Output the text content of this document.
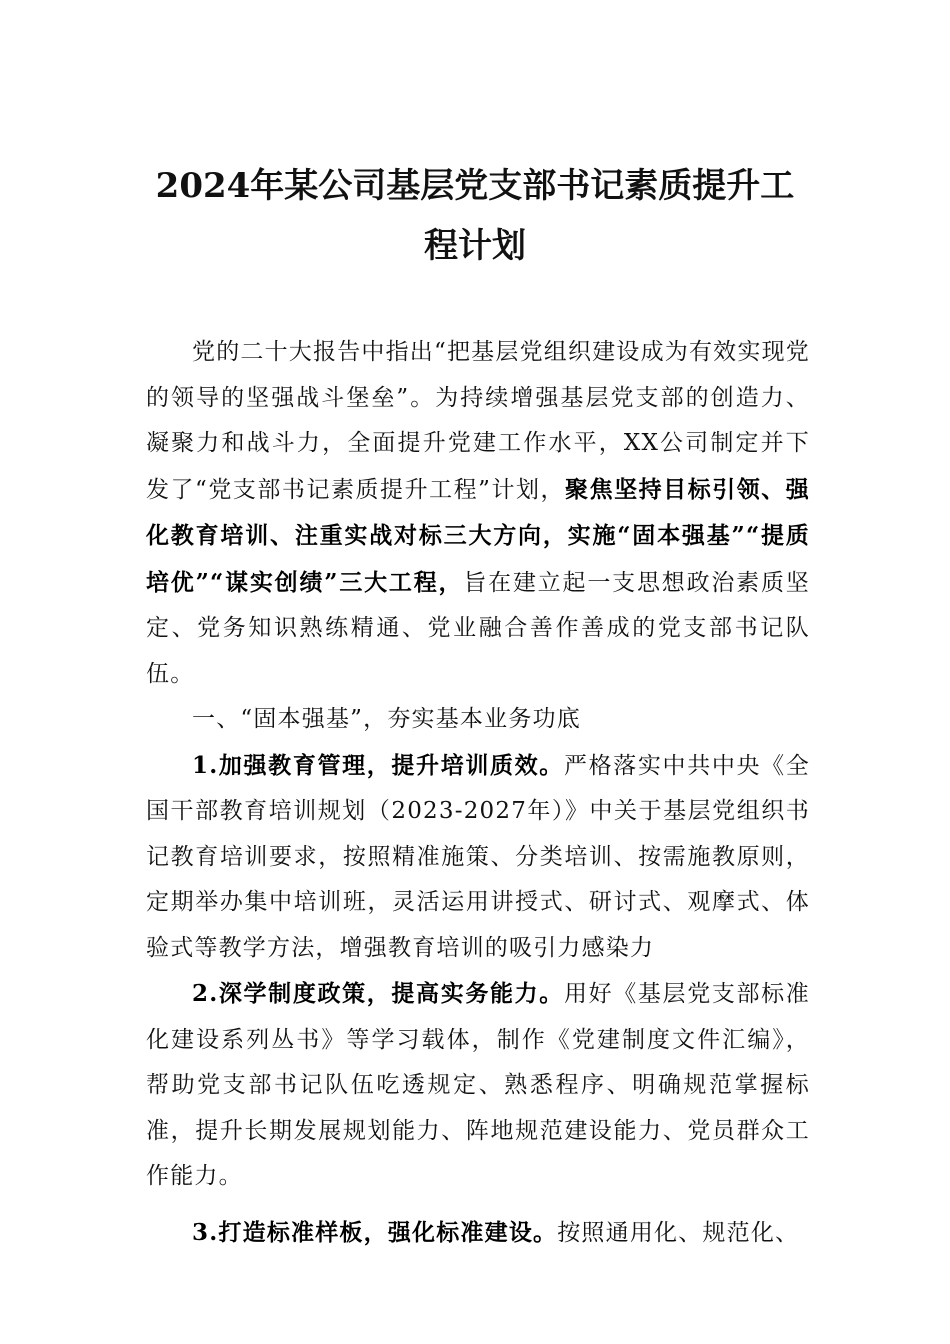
2024年某公司基层党支部书记素质提升工程计划

党的二十大报告中指出“把基层党组织建设成为有效实现党的领导的坚强战斗堡垒”。为持续增强基层党支部的创造力、凝聚力和战斗力，全面提升党建工作水平，XX公司制定并下发了“党支部书记素质提升工程”计划，聚焦坚持目标引领、强化教育培训、注重实战对标三大方向，实施“固本强基”“提质培优”“谋实创绩”三大工程，旨在建立起一支思想政治素质坚定、党务知识熟练精通、党业融合善作善成的党支部书记队伍。

一、“固本强基”，夯实基本业务功底

1.加强教育管理，提升培训质效。严格落实中共中央《全国干部教育培训规划（2023-2027年）》中关于基层党组织书记教育培训要求，按照精准施策、分类培训、按需施教原则，定期举办集中培训班，灵活运用讲授式、研讨式、观摩式、体验式等教学方法，增强教育培训的吸引力感染力

2.深学制度政策，提高实务能力。用好《基层党支部标准化建设系列丛书》等学习载体，制作《党建制度文件汇编》，帮助党支部书记队伍吃透规定、熟悉程序、明确规范掌握标准，提升长期发展规划能力、阵地规范建设能力、党员群众工作能力。

3.打造标准样板，强化标准建设。按照通用化、规范化、
